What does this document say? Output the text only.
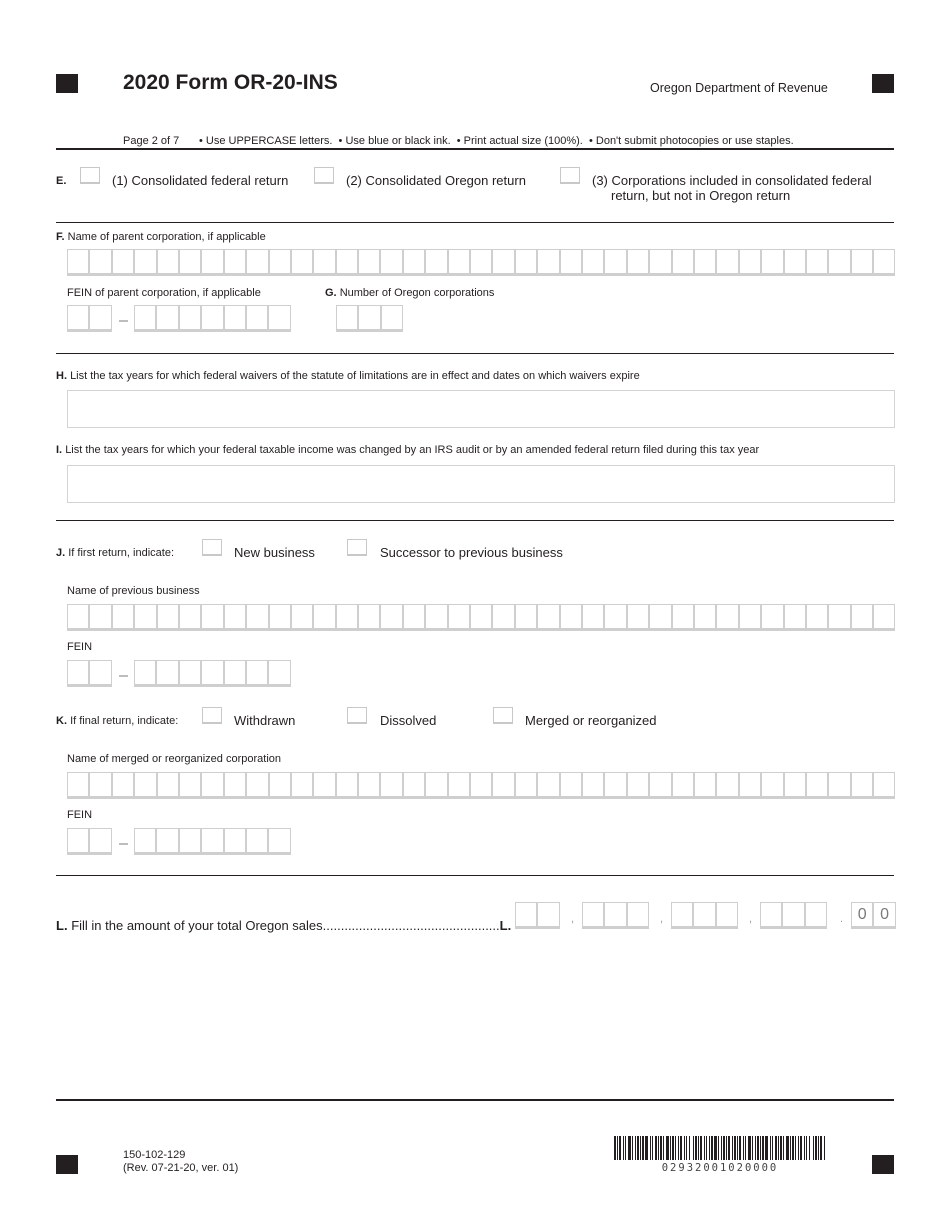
2020 Form OR-20-INS	Oregon Department of Revenue
Page 2 of 7 • Use UPPERCASE letters.  • Use blue or black ink.  • Print actual size (100%).  • Don't submit photocopies or use staples.
E.	(1) Consolidated federal return	(2) Consolidated Oregon return	(3) Corporations included in consolidated federal
return, but not in Oregon return
F. Name of parent corporation, if applicable
FEIN of parent corporation, if applicable	G. Number of Oregon corporations
H. List the tax years for which federal waivers of the statute of limitations are in effect and dates on which waivers expire
I. List the tax years for which your federal taxable income was changed by an IRS audit or by an amended federal return filed during this tax year
J. If first return, indicate:	New business	Successor to previous business
Name of previous business
FEIN
K. If final return, indicate:	Withdrawn	Dissolved	Merged or reorganized
Name of merged or reorganized corporation
FEIN
L. Fill in the amount of your total Oregon sales.................................................L.	,	,	,	. 0 0
150-102-129
(Rev. 07-21-20, ver. 01)	02932001020000
